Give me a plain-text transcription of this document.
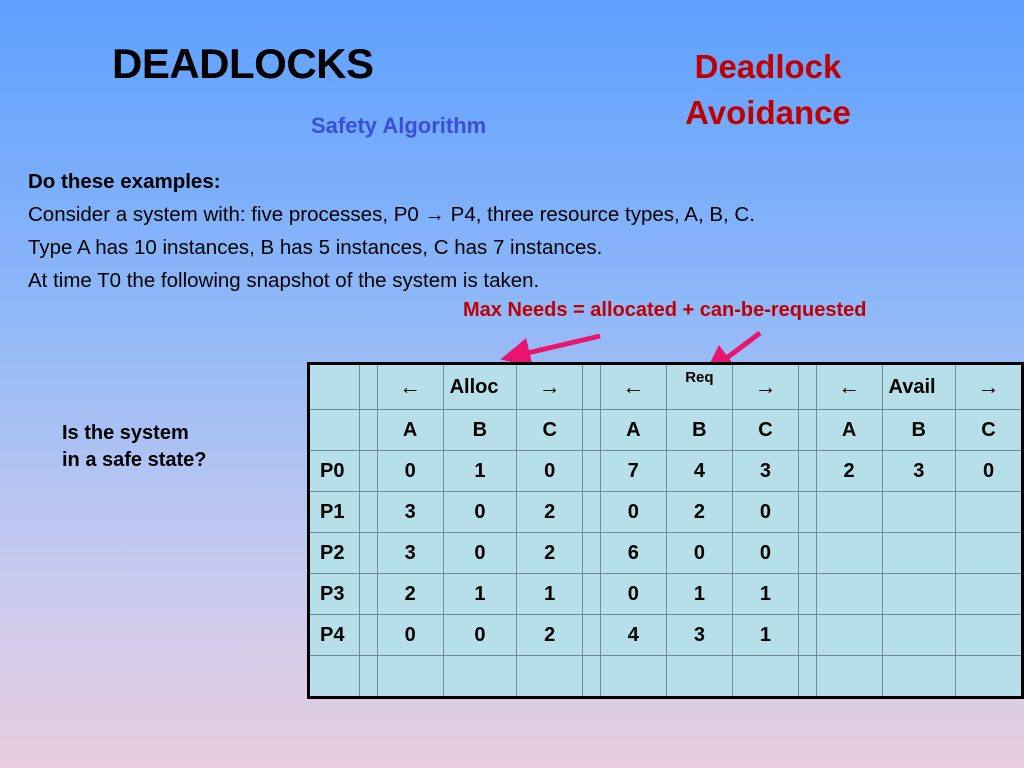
DEADLOCKS	Deadlock
Avoidance
Safety Algorithm
Do these examples:
Consider a system with: five processes, P0 → P4, three resource types, A, B, C.
Type A has 10 instances, B has 5 instances, C has 7 instances.
At time T0 the following snapshot of the system is taken.
Max Needs = allocated + can-be-requested
Is the system
in a safe state?
		←	Alloc	→		←	Req	→		←	Avail	→
		A	B	C		A	B	C		A	B	C
P0		0	1	0		7	4	3		2	3	0
P1		3	0	2		0	2	0				
P2		3	0	2		6	0	0				
P3		2	1	1		0	1	1				
P4		0	0	2		4	3	1				
